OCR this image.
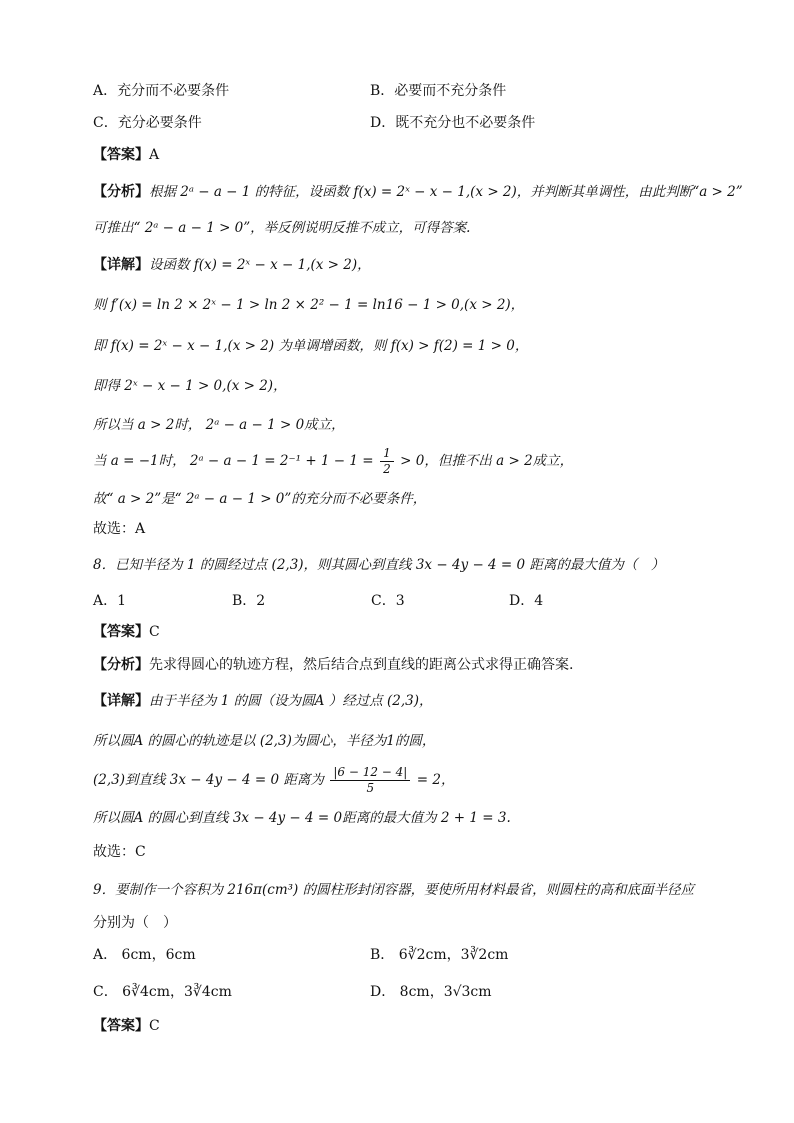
A．充分而不必要条件	B．必要而不充分条件
C．充分必要条件	D．既不充分也不必要条件
【答案】A
【分析】根据 2ᵃ − a − 1 的特征，设函数 f(x) = 2ˣ − x − 1,(x > 2)，并判断其单调性，由此判断“a > 2”
可推出“ 2ᵃ − a − 1 > 0”，举反例说明反推不成立，可得答案.
【详解】设函数 f(x) = 2ˣ − x − 1,(x > 2)，
则 f′(x) = ln 2 × 2ˣ − 1 > ln 2 × 2² − 1 = ln16 − 1 > 0,(x > 2)，
即 f(x) = 2ˣ − x − 1,(x > 2) 为单调增函数，则 f(x) > f(2) = 1 > 0，
即得 2ˣ − x − 1 > 0,(x > 2)，
所以当 a > 2时， 2ᵃ − a − 1 > 0成立，
当 a = −1时， 2ᵃ − $a - 1 = 2^{-1} + 1 - 1 = \frac{1}{2} > 0$，但推不出 a > 2成立，
故“ a > 2”是“ 2ᵃ − a − 1 > 0”的充分而不必要条件，
故选：A
8．已知半径为 1 的圆经过点 (2,3)，则其圆心到直线 3x − 4y − 4 = 0 距离的最大值为（　）
A．1	B．2	C．3	D．4
【答案】C
【分析】先求得圆心的轨迹方程，然后结合点到直线的距离公式求得正确答案.
【详解】由于半径为 1 的圆（设为圆A ）经过点 (2,3)，
所以圆A 的圆心的轨迹是以 (2,3)为圆心，半径为1的圆，
(2,3)到直线 3x − 4y − 4 = 0 距离为 $\frac{|6 - 12 - 4|}{5} = 2$，
所以圆A 的圆心到直线 3x − 4y − 4 = 0距离的最大值为 2 + 1 = 3.
故选：C
9．要制作一个容积为 216π(cm³) 的圆柱形封闭容器，要使所用材料最省，则圆柱的高和底面半径应
分别为（　）
A． 6cm，6cm	B． 6∛2cm，3∛2cm
C． 6∛4cm，3∛4cm	D． 8cm，3√3cm
【答案】C
